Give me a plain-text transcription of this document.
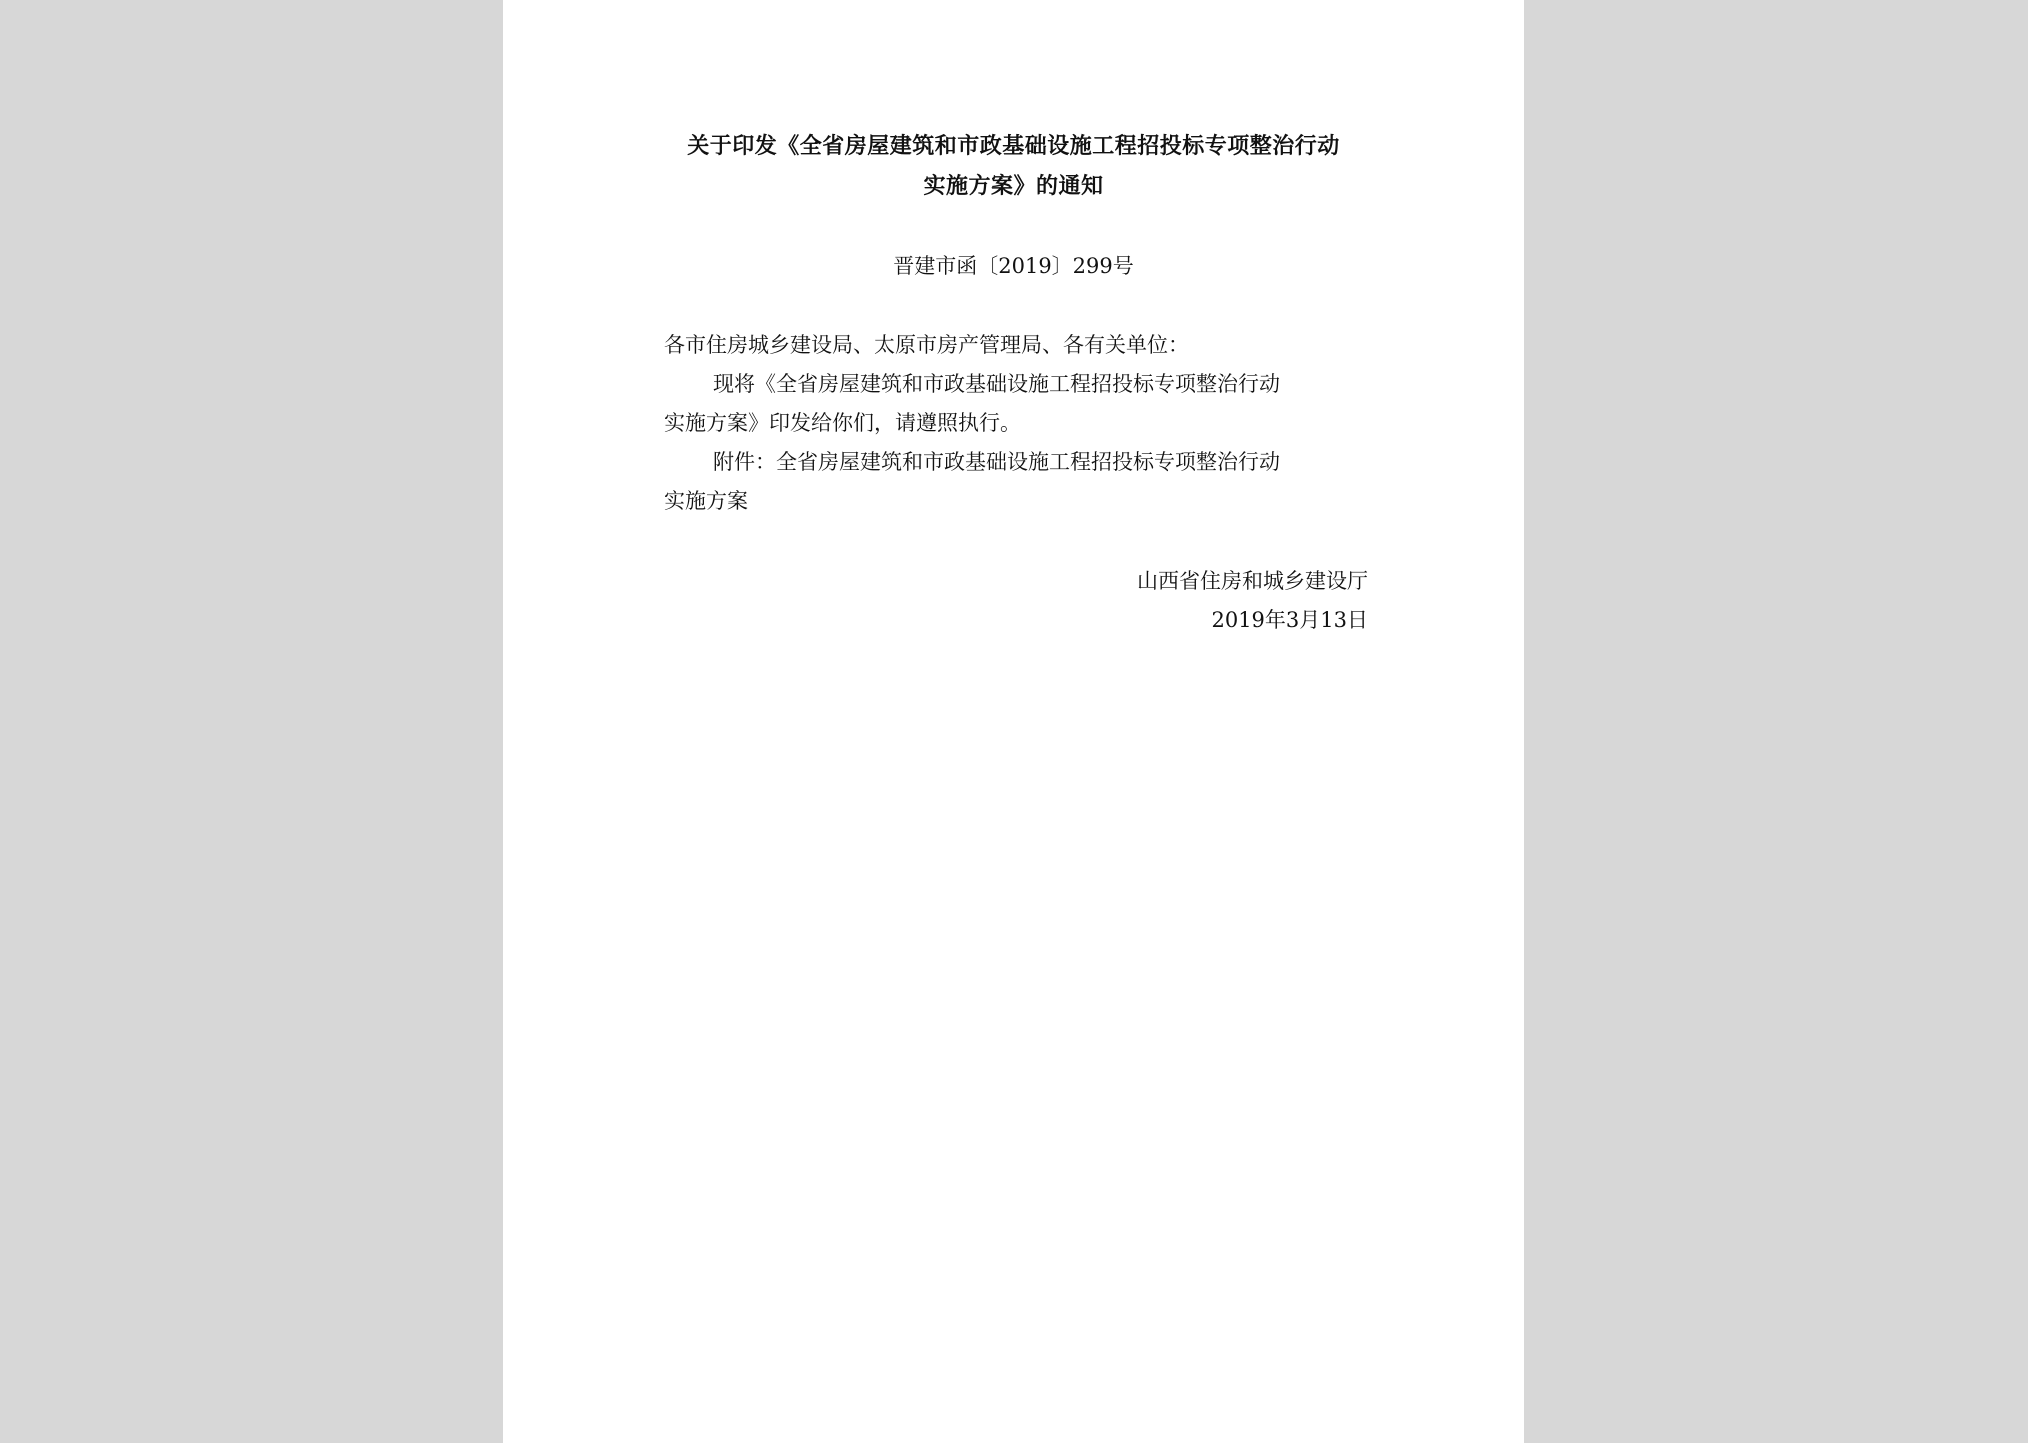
关于印发《全省房屋建筑和市政基础设施工程招投标专项整治行动
实施方案》的通知
晋建市函〔2019〕299号
各市住房城乡建设局、太原市房产管理局、各有关单位：
现将《全省房屋建筑和市政基础设施工程招投标专项整治行动
实施方案》印发给你们，请遵照执行。
附件：全省房屋建筑和市政基础设施工程招投标专项整治行动
实施方案
山西省住房和城乡建设厅
2019年3月13日
